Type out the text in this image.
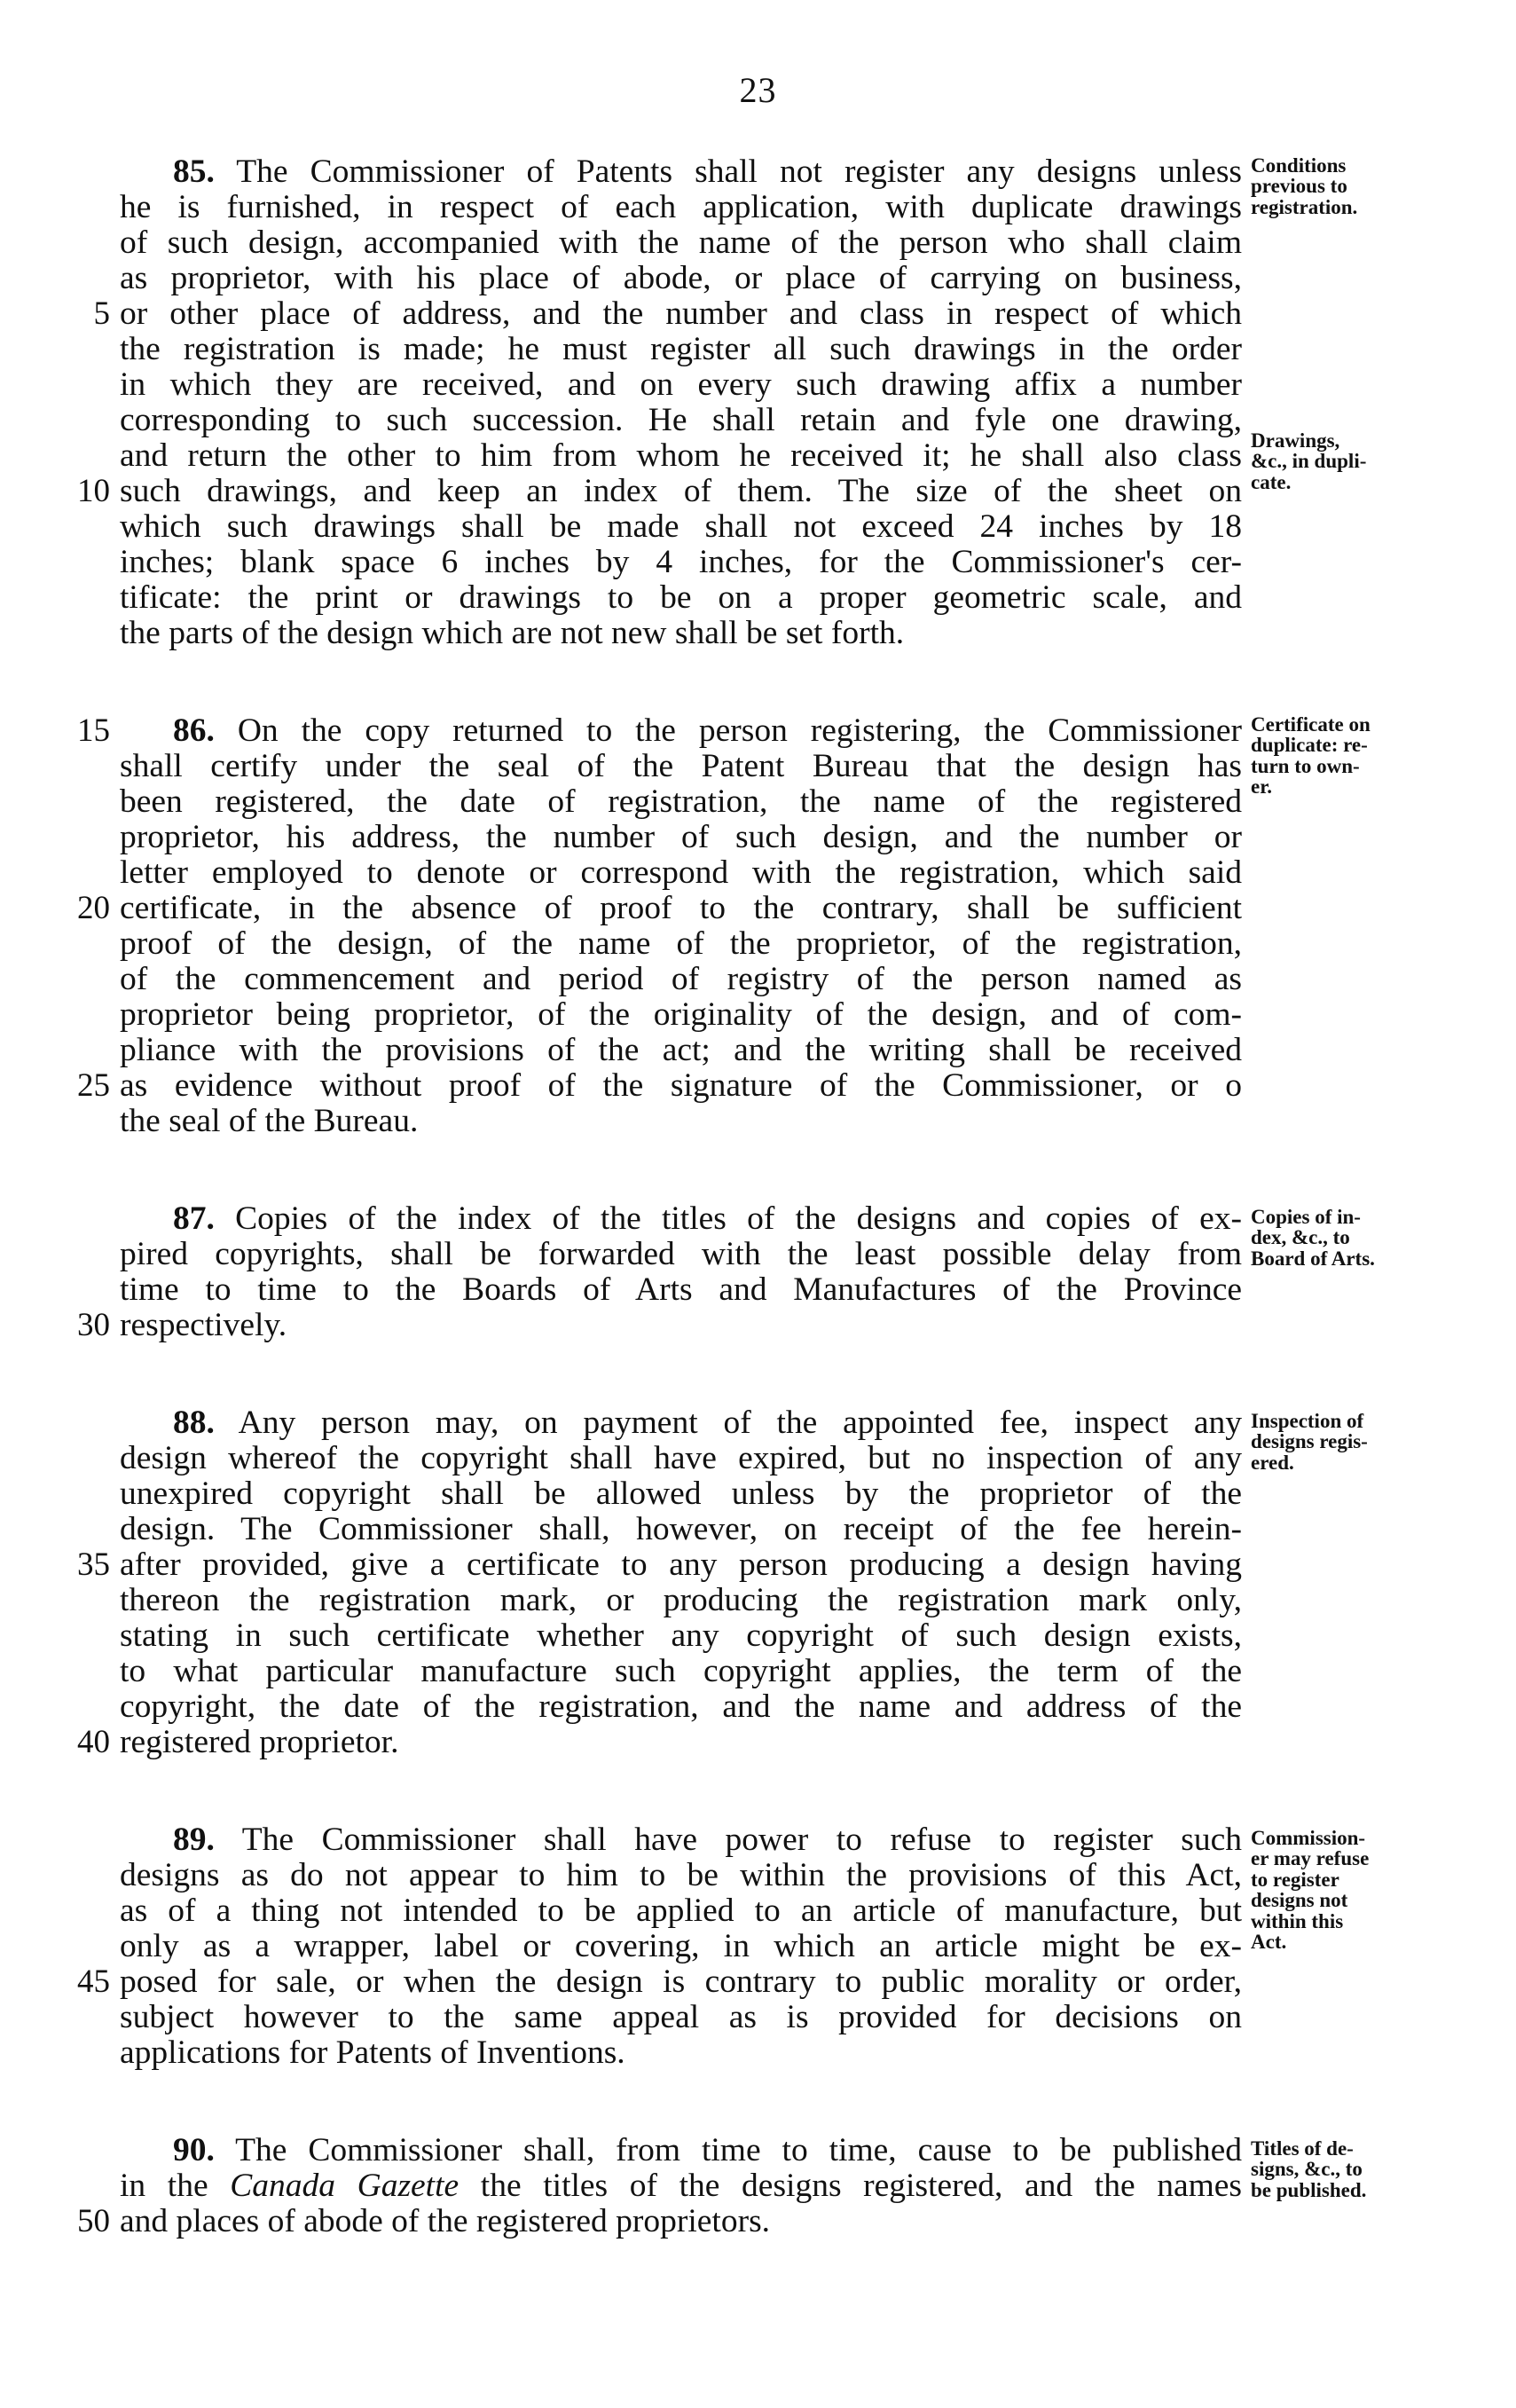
23
85. The Commissioner of Patents shall not register any designs unless
he is furnished, in respect of each application, with duplicate drawings
of such design, accompanied with the name of the person who shall claim
as proprietor, with his place of abode, or place of carrying on business,
or other place of address, and the number and class in respect of which
the registration is made; he must register all such drawings in the order
in which they are received, and on every such drawing affix a number
corresponding to such succession. He shall retain and fyle one drawing,
and return the other to him from whom he received it; he shall also class
such drawings, and keep an index of them. The size of the sheet on
which such drawings shall be made shall not exceed 24 inches by 18
inches; blank space 6 inches by 4 inches, for the Commissioner's cer-
tificate: the print or drawings to be on a proper geometric scale, and
the parts of the design which are not new shall be set forth.
5
10
Conditions
previous to
registration.
Drawings,
&c., in dupli-
cate.
86. On the copy returned to the person registering, the Commissioner
shall certify under the seal of the Patent Bureau that the design has
been registered, the date of registration, the name of the registered
proprietor, his address, the number of such design, and the number or
letter employed to denote or correspond with the registration, which said
certificate, in the absence of proof to the contrary, shall be sufficient
proof of the design, of the name of the proprietor, of the registration,
of the commencement and period of registry of the person named as
proprietor being proprietor, of the originality of the design, and of com-
pliance with the provisions of the act; and the writing shall be received
as evidence without proof of the signature of the Commissioner, or o
the seal of the Bureau.
15
20
25
Certificate on
duplicate: re-
turn to own-
er.
87. Copies of the index of the titles of the designs and copies of ex-
pired copyrights, shall be forwarded with the least possible delay from
time to time to the Boards of Arts and Manufactures of the Province
respectively.
30
Copies of in-
dex, &c., to
Board of Arts.
88. Any person may, on payment of the appointed fee, inspect any
design whereof the copyright shall have expired, but no inspection of any
unexpired copyright shall be allowed unless by the proprietor of the
design. The Commissioner shall, however, on receipt of the fee herein-
after provided, give a certificate to any person producing a design having
thereon the registration mark, or producing the registration mark only,
stating in such certificate whether any copyright of such design exists,
to what particular manufacture such copyright applies, the term of the
copyright, the date of the registration, and the name and address of the
registered proprietor.
35
40
Inspection of
designs regis-
ered.
89. The Commissioner shall have power to refuse to register such
designs as do not appear to him to be within the provisions of this Act,
as of a thing not intended to be applied to an article of manufacture, but
only as a wrapper, label or covering, in which an article might be ex-
posed for sale, or when the design is contrary to public morality or order,
subject however to the same appeal as is provided for decisions on
applications for Patents of Inventions.
45
Commission-
er may refuse
to register
designs not
within this
Act.
90. The Commissioner shall, from time to time, cause to be published
in the Canada Gazette the titles of the designs registered, and the names
and places of abode of the registered proprietors.
50
Titles of de-
signs, &c., to
be published.
